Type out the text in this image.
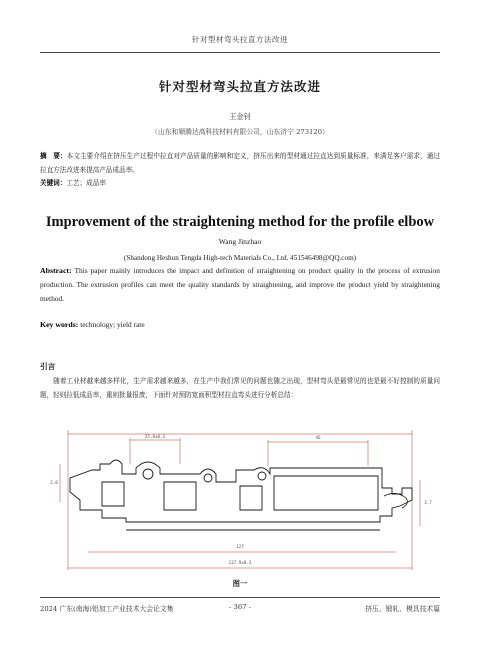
针对型材弯头拉直方法改进
针对型材弯头拉直方法改进
王金钊
（山东和顺腾达高科技材料有限公司，山东济宁 273120）
摘　要：本文主要介绍在挤压生产过程中拉直对产品质量的影响和定义，挤压出来的型材通过拉直达到质量标准，来满足客户需求，通过拉直方法改进来提高产品成品率。
关键词：工艺；成品率
Improvement of the straightening method for the profile elbow
Wang Jinzhao
(Shandong Heshun Tengda High-tech Materials Co., Ltd. 451546498@QQ.com)
Abstract: This paper mainly introduces the impact and definition of straightening on product quality in the process of extrusion production. The extrusion profiles can meet the quality standards by straightening, and improve the product yield by straightening method.
Key words: technology; yield rate
引言
随着工业材越来越多样化，生产需求越来越多，在生产中我们常见的问题也随之出现，型材弯头是最常见的也是最不好控制的质量问题，轻则拉低成品率，重则批量报废，下面针对预防宽面积型材拉直弯头进行分析总结：
137.9±0.3
46
25.8±0.3
127
2.8
3.7
图一
2024 广东(南海)铝加工产业技术大会论文集	- 367 -	挤压、锻轧、模具技术篇
